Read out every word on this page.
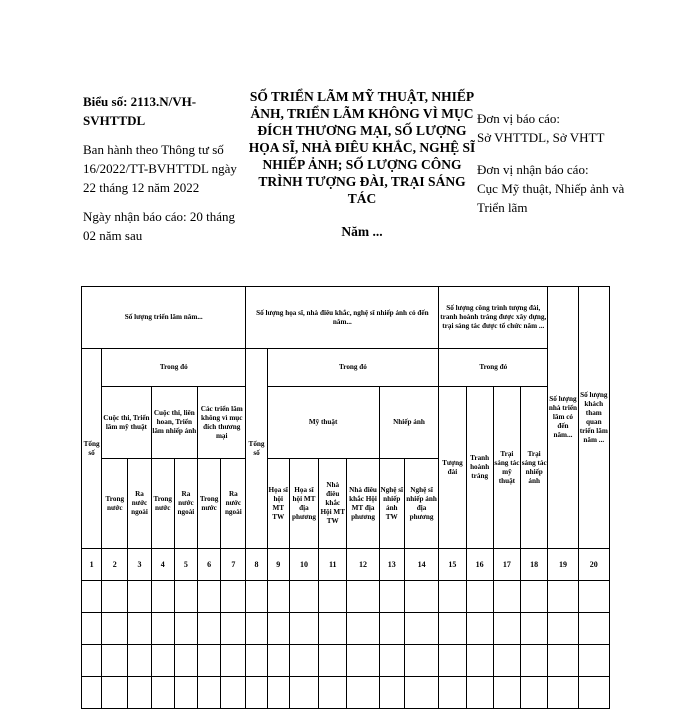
Biểu số: 2113.N/VH-SVHTTDL

Ban hành theo Thông tư số 16/2022/TT-BVHTTDL ngày 22 tháng 12 năm 2022

Ngày nhận báo cáo: 20 tháng 02 năm sau

SỐ TRIỂN LÃM MỸ THUẬT, NHIẾP ẢNH, TRIỂN LÃM KHÔNG VÌ MỤC ĐÍCH THƯƠNG MẠI, SỐ LƯỢNG HỌA SĨ, NHÀ ĐIÊU KHẮC, NGHỆ SĨ NHIẾP ẢNH; SỐ LƯỢNG CÔNG TRÌNH TƯỢNG ĐÀI, TRẠI SÁNG TÁC
Năm ...

Đơn vị báo cáo:

Sở VHTTDL, Sở VHTT

Đơn vị nhận báo cáo:

Cục Mỹ thuật, Nhiếp ảnh và Triển lãm

Số lượng triển lãm năm...							Số lượng họa sĩ, nhà điêu khắc, nghệ sĩ nhiếp ảnh có đến năm...							Số lượng công trình tượng đài, tranh hoành tráng được xây dựng, trại sáng tác được tổ chức năm ...				Số lượng nhà triển lãm có đến năm...	Số lượng khách tham quan triển lãm năm ...
Tổng số	Trong đó						Tổng số	Trong đó						Trong đó					
	Cuộc thi, Triển lãm mỹ thuật		Cuộc thi, liên hoan, Triển lãm nhiếp ảnh		Các triển lãm không vì mục đích thương mại			Mỹ thuật				Nhiếp ảnh		Tượng đài	Tranh hoành tráng	Trại sáng tác mỹ thuật	Trại sáng tác nhiếp ảnh		
	Trong nước	Ra nước ngoài	Trong nước	Ra nước ngoài	Trong nước	Ra nước ngoài		Họa sĩ hội MT TW	Họa sĩ hội MT địa phương	Nhà điêu khắc Hội MT TW	Nhà điêu khắc Hội MT địa phương	Nghệ sĩ nhiếp ảnh TW	Nghệ sĩ nhiếp ảnh địa phương						
1	2	3	4	5	6	7	8	9	10	11	12	13	14	15	16	17	18	19	20
